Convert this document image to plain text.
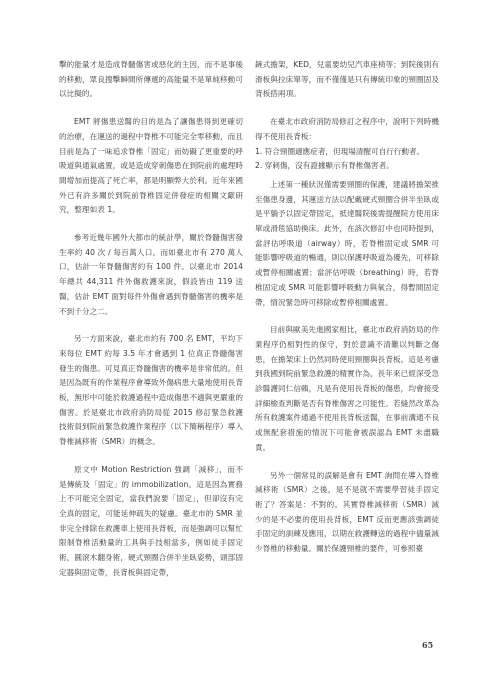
擊的能量才是造成脊髓傷害或惡化的主因，而不是事後的移動，眾良搜擊瞬間所傳遞的高能量不是單純移動可以比擬的。

EMT 將傷患送醫的目的是為了讓傷患得到更確切的治療，在運送的過程中脊椎不可能完全零移動，而且目前是為了一味追求脊椎「固定」而妨礙了更重要的呼吸道與通氣處置，或是造成穿刺傷患在到院前的處理時間增加而提高了死亡率，都是明顯弊大於利。近年來國外已有許多關於到院前脊椎固定併發症的相關文獻研究，整理如表 1。

參考近幾年國外大都市的統計學，關於脊髓傷害發生率約 40 次 / 每百萬人口。而如臺北市有 270 萬人口，估計一年脊髓傷害約有 100 件。以臺北市 2014 年總共 44,311 件外傷救護來說，假設皆由 119 送醫，估計 EMT 面對每件外傷會遇到脊髓傷害的機率是不到千分之二。

另一方面來說，臺北市約有 700 名 EMT，平均下來每位 EMT 約每 3.5 年才會遇到 1 位真正脊髓傷害發生的傷患。可見真正脊髓傷害的機率是非常低的。但是因為既有的作業程序會導致外傷病患大量地使用長背板，無形中可能於救護過程中造成傷患不適與更嚴重的傷害。於是臺北市政府消防局從 2015 修訂緊急救護技術員到院前緊急救護作業程序（以下簡稱程序）導入脊椎減移術（SMR）的概念。

原文中 Motion Restriction 強調「減移」，而不是傳統及「固定」的 immobilization。這是因為實務上不可能完全固定，當我們說要「固定」，但卻沒有完全真的固定，可能延伸疏失的疑慮。臺北市的 SMR 並非完全排除在救護車上使用長背板，而是強調可以幫忙限制脊椎活動量的工具與手技相當多，例如徒手固定術，圓滾木翻身術，硬式頸圈合併半坐臥姿勢，頭部固定器與固定帶，長背板與固定帶，

鏟式擔架，KED，兒童要幼兒汽車座椅等；到院後則有滑板與拉床單等，而不僅僅是只有傳統印象的頸圈固及背板搭兩項。

在臺北市政府消防局修訂之程序中，說明下列時機得不使用長背板：

1. 符合頸圈適應症者，但現場清醒可自行行動者。
2. 穿刺傷，沒有證據顯示有脊椎傷害者。

上述第一種狀況僅需要頸圈的保護，建議將擔架推至傷患身邊，其運送方法以配戴硬式頸圈合併半坐臥或是平躺予以固定帶固定，抵達醫院後需提醒院方使用床單或滑毯協助換床。此外，在該次修訂中也同時提到，當評估呼吸道（airway）時，若脊椎固定或 SMR 可能影響呼吸道的暢通，則以保護呼吸道為優先，可移除或暫停相關處置；當評估呼吸（breathing）時，若脊椎固定或 SMR 可能影響呼吸動力與氧合，得暫間固定帶，情況緊急時可移除或暫停相關處置。

目前與歐美先進國家相比，臺北市政府消防局的作業程序仍相對性的保守，對於意識不清難以判斷之傷患，在擔架床上仍然同時使用頸圈與長背板。這是考慮到我國到院前緊急救護的精實作為，長年來已經深受急診醫護同仁信賴，凡是有使用長背板的傷患，均會接受詳細檢查判斷是否有脊椎傷害之可能性。若縫然改革為所有救護案件通過不使用長背板送醫，在事前溝通不良或無配套措施的情況下可能會被誤認為 EMT 未盡職責。

另外一個常見的誤解是會有 EMT 詢問在導入脊椎減移術（SMR）之後，是不是就不需要學習徒手固定術了？答案是：不對的。其實脊椎減移術（SMR）減少的是不必要的使用長背板，EMT 反而更應該強調徒手固定的訓練及應用，以期在救護轉送的過程中儘量減少脊椎的移動量。關於保護頸椎的要件，可參照臺

65
